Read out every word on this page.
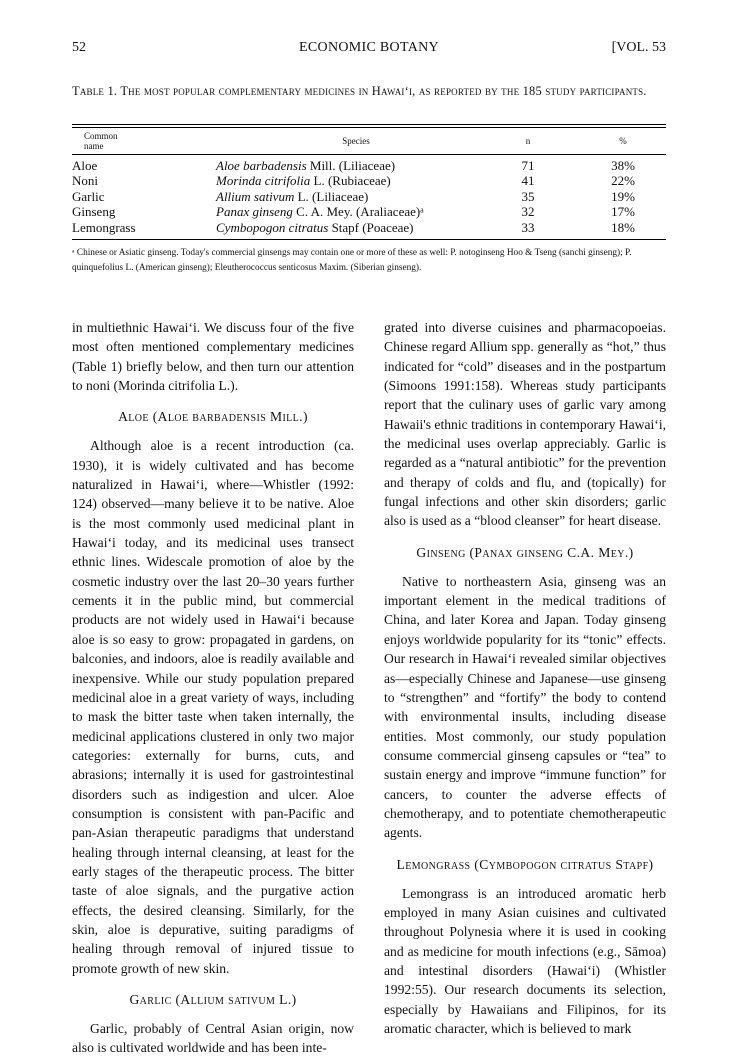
52	ECONOMIC BOTANY	[VOL. 53
Table 1. The most popular complementary medicines in Hawai‘i, as reported by the 185 study participants.
Common name	Species	n	%
Aloe	Aloe barbadensis Mill. (Liliaceae)	71	38%
Noni	Morinda citrifolia L. (Rubiaceae)	41	22%
Garlic	Allium sativum L. (Liliaceae)	35	19%
Ginseng	Panax ginseng C. A. Mey. (Araliaceae)ᵃ	32	17%
Lemongrass	Cymbopogon citratus Stapf (Poaceae)	33	18%
ᵃ Chinese or Asiatic ginseng. Today's commercial ginsengs may contain one or more of these as well: P. notoginseng Hoo & Tseng (sanchi ginseng); P. quinquefolius L. (American ginseng); Eleutherococcus senticosus Maxim. (Siberian ginseng).

in multiethnic Hawai‘i. We discuss four of the five most often mentioned complementary medicines (Table 1) briefly below, and then turn our attention to noni (Morinda citrifolia L.).

Aloe (Aloe barbadensis Mill.)

Although aloe is a recent introduction (ca. 1930), it is widely cultivated and has become naturalized in Hawai‘i, where—Whistler (1992: 124) observed—many believe it to be native. Aloe is the most commonly used medicinal plant in Hawai‘i today, and its medicinal uses transect ethnic lines. Widescale promotion of aloe by the cosmetic industry over the last 20–30 years further cements it in the public mind, but commercial products are not widely used in Hawai‘i because aloe is so easy to grow: propagated in gardens, on balconies, and indoors, aloe is readily available and inexpensive. While our study population prepared medicinal aloe in a great variety of ways, including to mask the bitter taste when taken internally, the medicinal applications clustered in only two major categories: externally for burns, cuts, and abrasions; internally it is used for gastrointestinal disorders such as indigestion and ulcer. Aloe consumption is consistent with pan-Pacific and pan-Asian therapeutic paradigms that understand healing through internal cleansing, at least for the early stages of the therapeutic process. The bitter taste of aloe signals, and the purgative action effects, the desired cleansing. Similarly, for the skin, aloe is depurative, suiting paradigms of healing through removal of injured tissue to promote growth of new skin.

Garlic (Allium sativum L.)

Garlic, probably of Central Asian origin, now also is cultivated worldwide and has been inte-

grated into diverse cuisines and pharmacopoeias. Chinese regard Allium spp. generally as “hot,” thus indicated for “cold” diseases and in the postpartum (Simoons 1991:158). Whereas study participants report that the culinary uses of garlic vary among Hawaii's ethnic traditions in contemporary Hawai‘i, the medicinal uses overlap appreciably. Garlic is regarded as a “natural antibiotic” for the prevention and therapy of colds and flu, and (topically) for fungal infections and other skin disorders; garlic also is used as a “blood cleanser” for heart disease.

Ginseng (Panax ginseng C.A. Mey.)

Native to northeastern Asia, ginseng was an important element in the medical traditions of China, and later Korea and Japan. Today ginseng enjoys worldwide popularity for its “tonic” effects. Our research in Hawai‘i revealed similar objectives as—especially Chinese and Japanese—use ginseng to “strengthen” and “fortify” the body to contend with environmental insults, including disease entities. Most commonly, our study population consume commercial ginseng capsules or “tea” to sustain energy and improve “immune function” for cancers, to counter the adverse effects of chemotherapy, and to potentiate chemotherapeutic agents.

Lemongrass (Cymbopogon citratus Stapf)

Lemongrass is an introduced aromatic herb employed in many Asian cuisines and cultivated throughout Polynesia where it is used in cooking and as medicine for mouth infections (e.g., Sāmoa) and intestinal disorders (Hawai‘i) (Whistler 1992:55). Our research documents its selection, especially by Hawaiians and Filipinos, for its aromatic character, which is believed to mark
